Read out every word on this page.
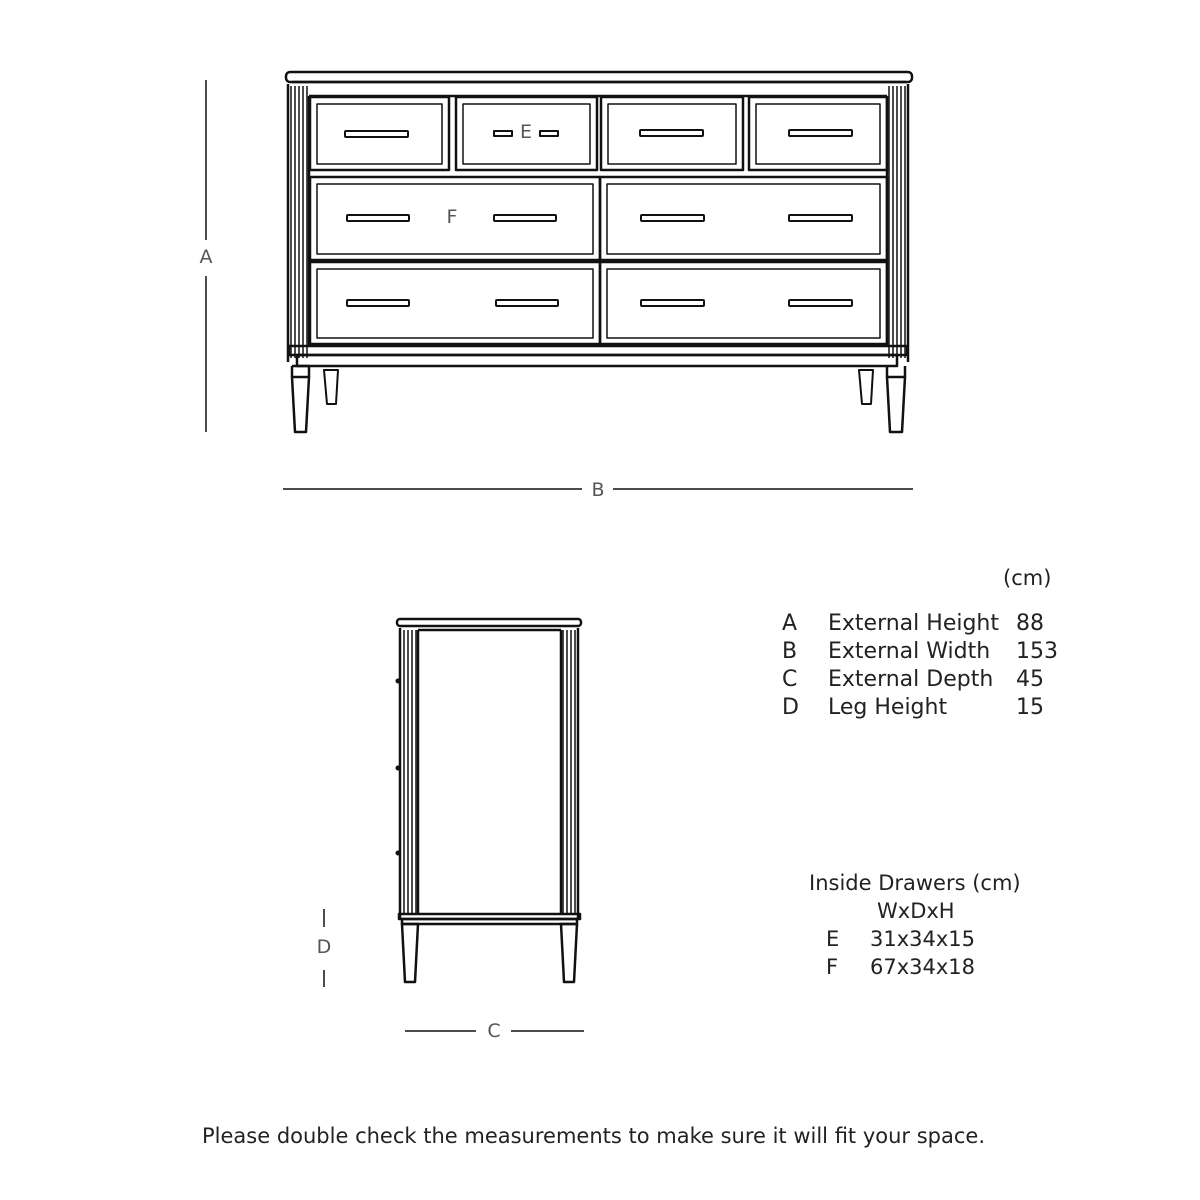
A
B
C
D
E
F
(cm)
A External Height 88
B External Width 153
C External Depth 45
D Leg Height	15
Inside Drawers (cm)
WxDxH
E 31x34x15
F 67x34x18
Please double check the measurements to make sure it will fit your space.
